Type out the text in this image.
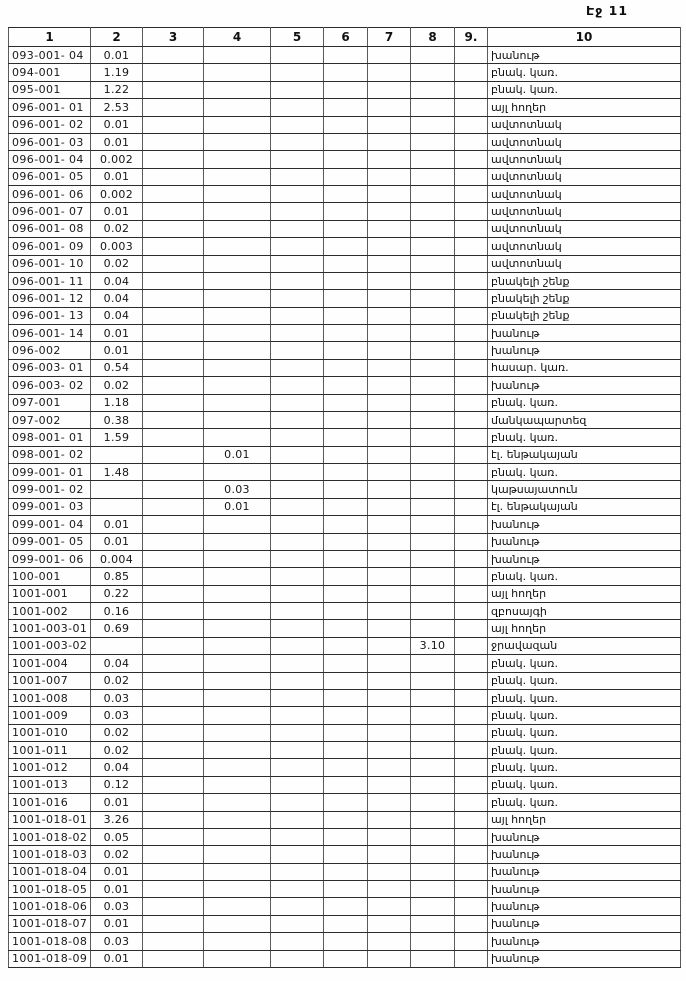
Էջ 11
1	2	3	4	5	6	7	8	9.	10
093-001- 04	0.01								խանութ
094-001	1.19								բնակ. կառ.
095-001	1.22								բնակ. կառ.
096-001- 01	2.53								այլ հողեր
096-001- 02	0.01								ավտոտնակ
096-001- 03	0.01								ավտոտնակ
096-001- 04	0.002								ավտոտնակ
096-001- 05	0.01								ավտոտնակ
096-001- 06	0.002								ավտոտնակ
096-001- 07	0.01								ավտոտնակ
096-001- 08	0.02								ավտոտնակ
096-001- 09	0.003								ավտոտնակ
096-001- 10	0.02								ավտոտնակ
096-001- 11	0.04								բնակելի շենք
096-001- 12	0.04								բնակելի շենք
096-001- 13	0.04								բնակելի շենք
096-001- 14	0.01								խանութ
096-002	0.01								խանութ
096-003- 01	0.54								հասար. կառ.
096-003- 02	0.02								խանութ
097-001	1.18								բնակ. կառ.
097-002	0.38								մանկապարտեզ
098-001- 01	1.59								բնակ. կառ.
098-001- 02			0.01						էլ. ենթակայան
099-001- 01	1.48								բնակ. կառ.
099-001- 02			0.03						կաթսայատուն
099-001- 03			0.01						էլ. ենթակայան
099-001- 04	0.01								խանութ
099-001- 05	0.01								խանութ
099-001- 06	0.004								խանութ
100-001	0.85								բնակ. կառ.
1001-001	0.22								այլ հողեր
1001-002	0.16								զբոսայգի
1001-003-01	0.69								այլ հողեր
1001-003-02							3.10		ջրավազան
1001-004	0.04								բնակ. կառ.
1001-007	0.02								բնակ. կառ.
1001-008	0.03								բնակ. կառ.
1001-009	0.03								բնակ. կառ.
1001-010	0.02								բնակ. կառ.
1001-011	0.02								բնակ. կառ.
1001-012	0.04								բնակ. կառ.
1001-013	0.12								բնակ. կառ.
1001-016	0.01								բնակ. կառ.
1001-018-01	3.26								այլ հողեր
1001-018-02	0.05								խանութ
1001-018-03	0.02								խանութ
1001-018-04	0.01								խանութ
1001-018-05	0.01								խանութ
1001-018-06	0.03								խանութ
1001-018-07	0.01								խանութ
1001-018-08	0.03								խանութ
1001-018-09	0.01								խանութ
